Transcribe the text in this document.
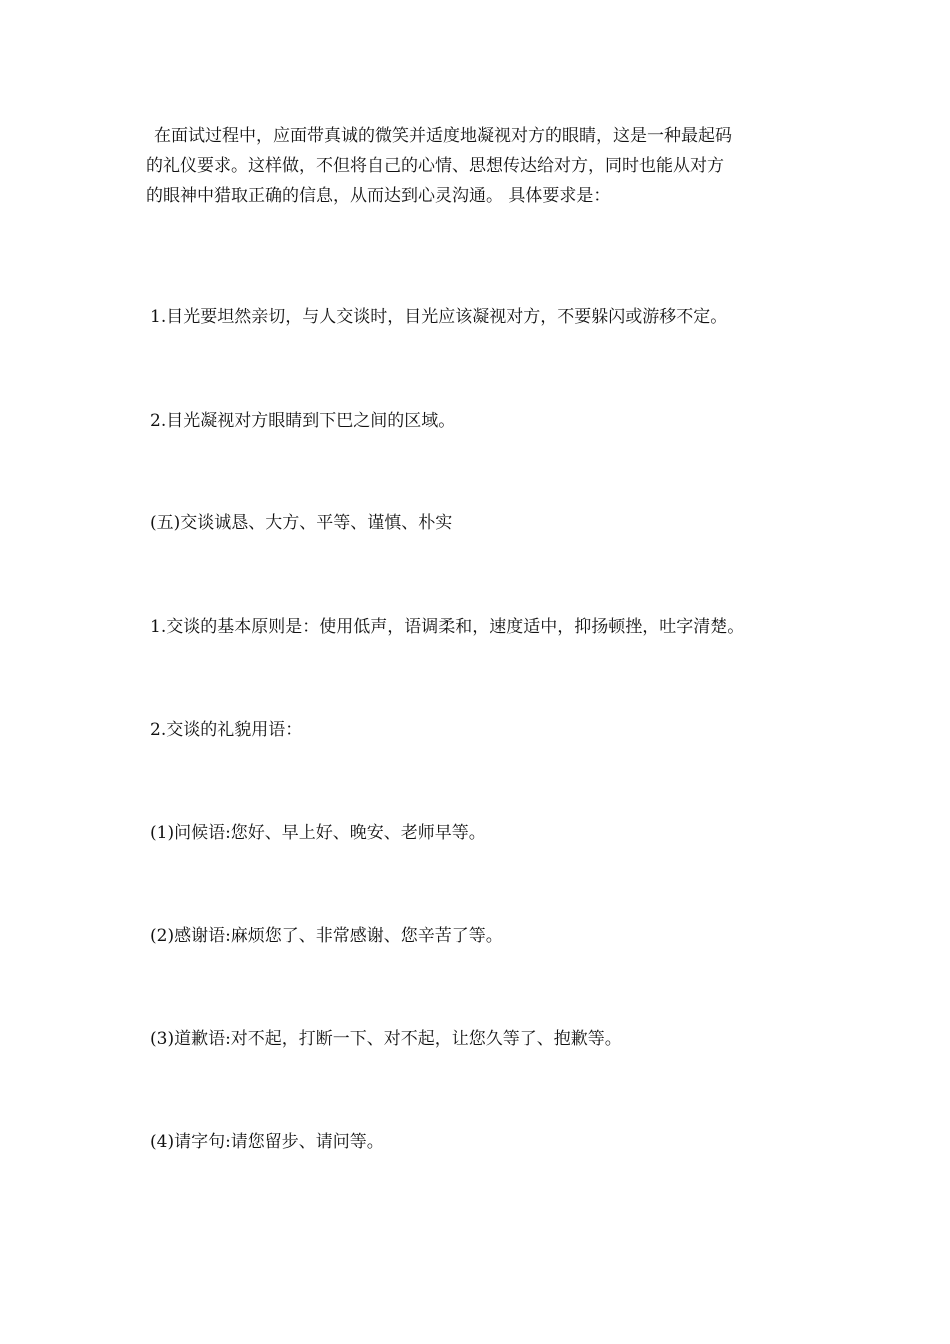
在面试过程中，应面带真诚的微笑并适度地凝视对方的眼睛，这是一种最起码
的礼仪要求。这样做，不但将自己的心情、思想传达给对方，同时也能从对方
的眼神中猎取正确的信息，从而达到心灵沟通。 具体要求是：
1.目光要坦然亲切，与人交谈时，目光应该凝视对方，不要躲闪或游移不定。
2.目光凝视对方眼睛到下巴之间的区域。
(五)交谈诚恳、大方、平等、谨慎、朴实
1.交谈的基本原则是：使用低声，语调柔和，速度适中，抑扬顿挫，吐字清楚。
2.交谈的礼貌用语：
(1)问候语:您好、早上好、晚安、老师早等。
(2)感谢语:麻烦您了、非常感谢、您辛苦了等。
(3)道歉语:对不起，打断一下、对不起，让您久等了、抱歉等。
(4)请字句:请您留步、请问等。
